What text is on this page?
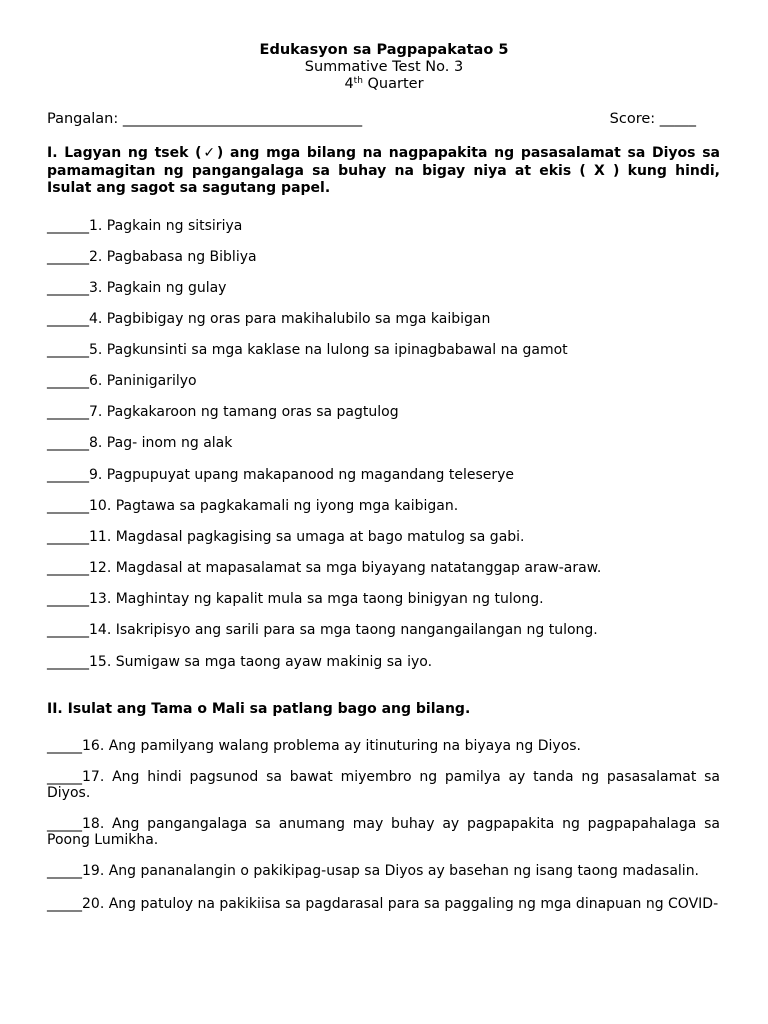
Edukasyon sa Pagpapakatao 5
Summative Test No. 3
4th Quarter
Pangalan: _________________________________	Score: _____
I. Lagyan ng tsek (✓) ang mga bilang na nagpapakita ng pasasalamat sa Diyos sa pamamagitan ng pangangalaga sa buhay na bigay niya at ekis ( X ) kung hindi, Isulat ang sagot sa sagutang papel.
______1. Pagkain ng sitsiriya
______2. Pagbabasa ng Bibliya
______3. Pagkain ng gulay
______4. Pagbibigay ng oras para makihalubilo sa mga kaibigan
______5. Pagkunsinti sa mga kaklase na lulong sa ipinagbabawal na gamot
______6. Paninigarilyo
______7. Pagkakaroon ng tamang oras sa pagtulog
______8. Pag- inom ng alak
______9. Pagpupuyat upang makapanood ng magandang teleserye
______10. Pagtawa sa pagkakamali ng iyong mga kaibigan.
______11. Magdasal pagkagising sa umaga at bago matulog sa gabi.
______12. Magdasal at mapasalamat sa mga biyayang natatanggap araw-araw.
______13. Maghintay ng kapalit mula sa mga taong binigyan ng tulong.
______14. Isakripisyo ang sarili para sa mga taong nangangailangan ng tulong.
______15. Sumigaw sa mga taong ayaw makinig sa iyo.
II. Isulat ang Tama o Mali sa patlang bago ang bilang.
_____16. Ang pamilyang walang problema ay itinuturing na biyaya ng Diyos.
_____17. Ang hindi pagsunod sa bawat miyembro ng pamilya ay tanda ng pasasalamat sa Diyos.
_____18. Ang pangangalaga sa anumang may buhay ay pagpapakita ng pagpapahalaga sa Poong Lumikha.
_____19. Ang pananalangin o pakikipag-usap sa Diyos ay basehan ng isang taong madasalin.
_____20. Ang patuloy na pakikiisa sa pagdarasal para sa paggaling ng mga dinapuan ng COVID-
